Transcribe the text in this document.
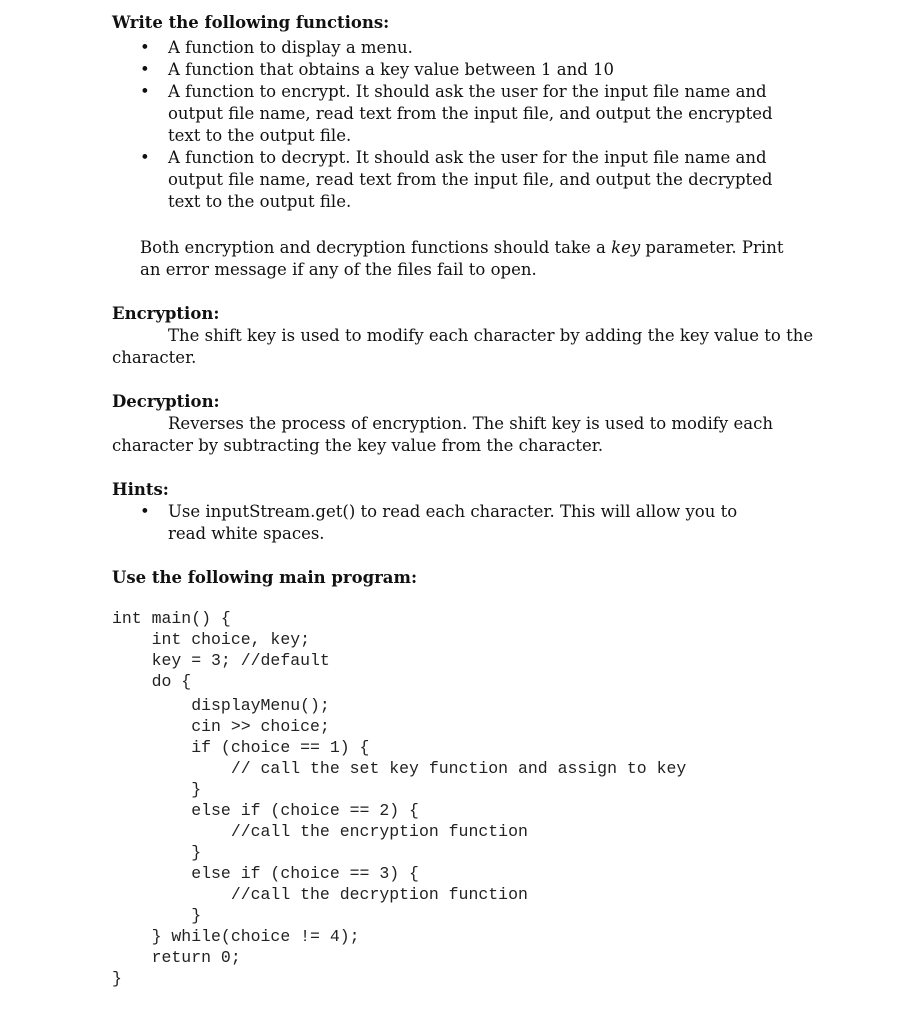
Write the following functions:
•	A function to display a menu.
•	A function that obtains a key value between 1 and 10
•	A function to encrypt. It should ask the user for the input file name and output file name, read text from the input file, and output the encrypted text to the output file.
•	A function to decrypt. It should ask the user for the input file name and output file name, read text from the input file, and output the decrypted text to the output file.
Both encryption and decryption functions should take a key parameter. Print an error message if any of the files fail to open.
Encryption:
The shift key is used to modify each character by adding the key value to the
character.
Decryption:
Reverses the process of encryption. The shift key is used to modify each
character by subtracting the key value from the character.
Hints:
•	Use inputStream.get() to read each character. This will allow you to read white spaces.
Use the following main program:
int main() {
int choice, key;
key = 3; //default
do {
displayMenu();
cin >> choice;
if (choice == 1) {
// call the set key function and assign to key
}
else if (choice == 2) {
//call the encryption function
}
else if (choice == 3) {
//call the decryption function
}
} while(choice != 4);
return 0;
}
